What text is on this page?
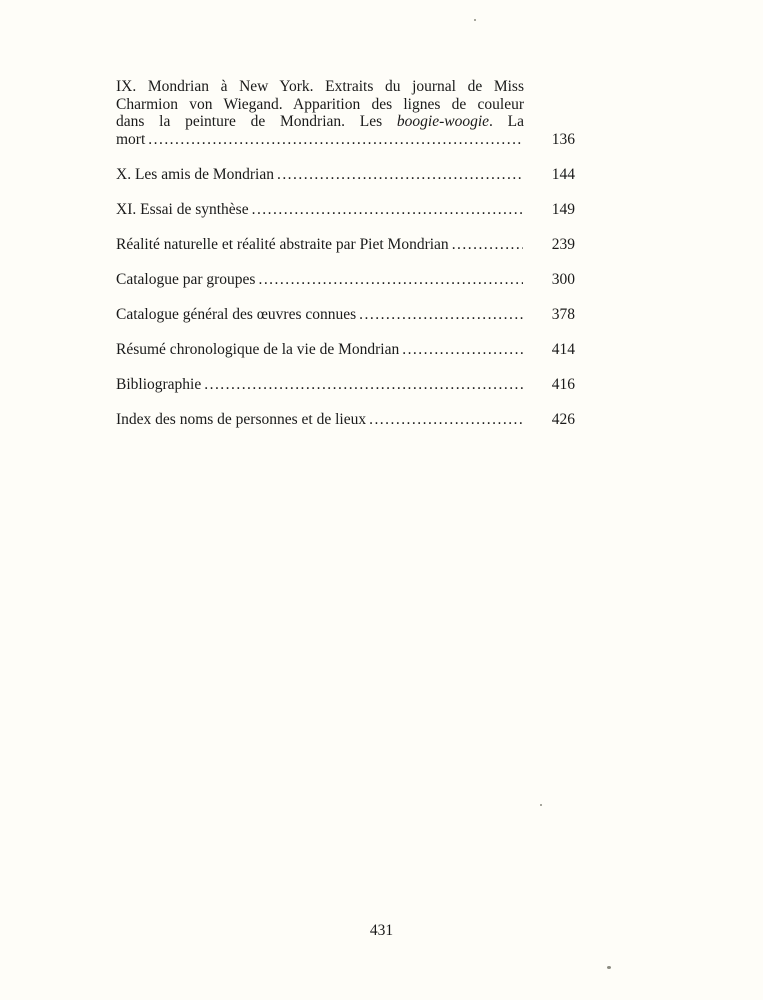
IX. Mondrian à New York. Extraits du journal de Miss
Charmion von Wiegand. Apparition des lignes de couleur
dans la peinture de Mondrian. Les boogie-woogie. La
mort . . .	136
X. Les amis de Mondrian . . .	144
XI. Essai de synthèse . . .	149
Réalité naturelle et réalité abstraite par Piet Mondrian . . .	239
Catalogue par groupes . . .	300
Catalogue général des œuvres connues . . .	378
Résumé chronologique de la vie de Mondrian . . .	414
Bibliographie . . .	416
Index des noms de personnes et de lieux . . .	426
431
